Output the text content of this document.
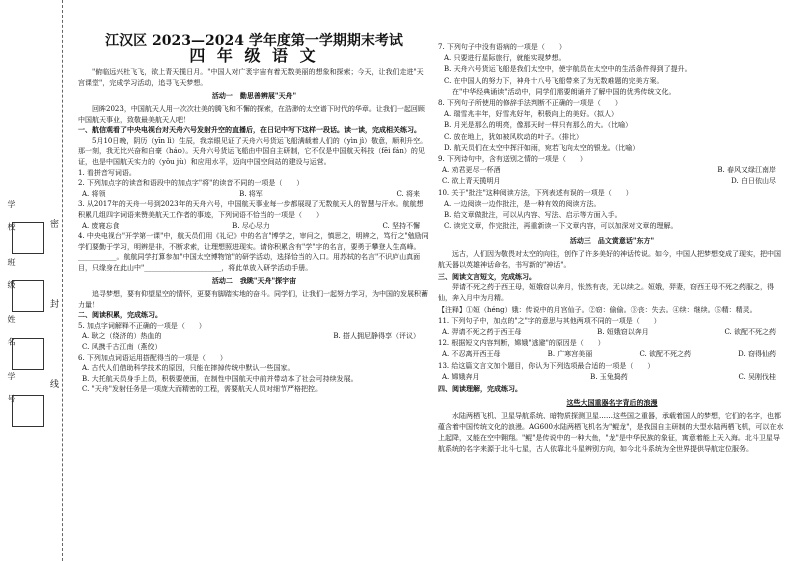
学 校
班 级
姓 名
学 号
密
封
线
江汉区 2023—2024 学年度第一学期期末考试
四 年 级 语 文

"俯临远兴杜飞飞，欲上青天揽日月。"中国人对广袤宇宙有着无数美丽的想象和探索；今天，让我们走进"天宫课堂"，完成学习活动，追寻飞天梦想。

活动一　勤思善辨展"天舟"

回眸2023，中国航天人用一次次壮美的腾飞和不懈的探索，在浩渺的太空谱下时代的华章。让我们一起回顾中国航天事业，致敬最美航天人吧！

一、航信观看了中央电视台对天舟六号发射升空的直播后，在日记中写下这样一段话。读一读，完成相关练习。

5月10日晚，阴历（yīn lì）生辰，我亲眼见证了天舟六号货运飞船满载着人们的（yìn jì）敬意，顺利升空。那一刻，我无比兴奋和自豪（háo）。天舟六号货运飞船由中国自主研制，它不仅是中国航天科技（fēi fán）的见证，也是中国航天实力的（yǒu jù）和应用水平，迈向中国空间站的建设与运营。

1. 看拼音写词语。

2. 下列加点字的读音和语段中的加点字"将"的读音不同的一项是（　　）

A. 将领	B. 将军	C. 将来

3. 从2017年的天舟一号到2023年的天舟六号，中国航天事业每一步都展现了无数航天人的智慧与汗水。航航想积累几组四字词语来赞美航天工作者的事迹，下列词语不恰当的一项是（　　）

A. 废寝忘食	B. 尽心尽力	C. 坚持不懈

4. 中央电视台"开学第一课"中，航天员们用《礼记》中的名言"博学之，审问之，慎思之，明辨之，笃行之"勉励同学们要勤于学习，明辨是非，不断求索，让理想照进现实。请你积累含有"学"字的名言，要勇于攀登人生高峰。___________。航航同学打算参加"中国太空博物馆"的研学活动，选择恰当的入口。用苏轼的名言"不识庐山真面目，只缘身在此山中"______________________，将此单放入研学活动手册。

活动二　我眺"天舟"探宇宙

追寻梦想，要有仰望星空的情怀，更要有脚踏实地的奋斗。同学们，让我们一起努力学习，为中国的发展积蓄力量！

二、阅读积累，完成练习。

5. 加点字词解释不正确的一项是（　　）

A. 耿之（绕济的）热血的	B. 搭人拥尼静得享（评议）

C. 风携千古江南（燕佼）

6. 下列加点词语运用搭配得当的一项是（　　）

A. 古代人们借助科学技术的原因，只能在摔掉传统中默认一些国家。

B. 大托航天员身手上员，积极要使面，在制性中国航天中前并带动本了社会可持续发展。

C. "天舟"发射任务是一项庞大而精密的工程，需要航天人员对细节严格把控。

7. 下列句子中没有语病的一项是（　　）

A. 只要进行星际旅行，就能实现梦想。

B. 天舟六号货运飞船是我们太空中，使宇航员在太空中的生活条件得到了提升。

C. 在中国人的努力下，神舟十八号飞船带来了为无数难题的完美方案。

在"中华经典诵读"活动中，同学们需要朗诵并了解中国的优秀传统文化。

8. 下列句子所使用的修辞手法判断不正确的一项是（　　）

A. 瑞雪兆丰年，好雪兆好年，积极向上的美好。（拟人）

B. 月光是那么的明亮，像那天时一样只有那么的大。（比喻）

C. 放在地上，犹如被风吹动的叶子。（排比）

D. 航天员们在太空中挥汗如雨，宛若飞向太空的银龙。（比喻）

9. 下列诗句中，含有送别之情的一项是（　　）

A. 劝君更尽一杯酒	B. 春风又绿江南岸
C. 欲上青天揽明月	D. 白日依山尽

10. 关于"批注"这种阅读方法，下列表述有误的一项是（　　）

A. 一边阅读一边作批注，是一种有效的阅读方法。

B. 给文章做批注，可以从内容、写法、启示等方面入手。

C. 读完文章，作完批注，再重新读一下文章内容，可以加深对文章的理解。

活动三　品文赏意话"东方"

远古，人们因为敬畏对太空的向往，创作了许多美好的神话传说。如今，中国人把梦想变成了现实，把中国航天器以英雄神话命名，书写新的"神话"。

三、阅读文言短文，完成练习。

羿请不死之药于西王母，姮娥窃以奔月，怅然有丧，无以续之。姮娥，羿妻，窃西王母不死之药服之，得仙，奔入月中为月精。

【注释】①姮（héng）娥：传说中的月宫仙子。②窃：偷偷。③丧：失去。④续：继续。⑤精：精灵。

11. 下列句子中，加点的"之"字的意思与其他两项不同的一项是（　　）

A. 羿请不死之药于西王母	B. 姮娥窃以奔月	C. 欲配不死之药

12. 根据短文内容判断，嫦娥"逃避"的原因是（　　）

A. 不忍离开西王母	B. 广寒宫美丽	C. 欲配不死之药	D. 窃得仙药

13. 给这篇文言文加个题目，你认为下列选项最合适的一项是（　　）

A. 嫦娥奔月	B. 玉兔捣药	C. 吴刚伐桂

四、阅读理解，完成练习。

这些大国重器名字背后的浪漫

水陆两栖飞机、卫星导航系统、暗物质探测卫星……这些国之重器，承载着国人的梦想，它们的名字，也都蕴含着中国传统文化的浪漫。AG600水陆两栖飞机名为"鲲龙"，是我国自主研制的大型水陆两栖飞机，可以在水上起降，又能在空中翱翔。"鲲"是传说中的一种大鱼，"龙"是中华民族的象征，寓意着能上天入海。北斗卫星导航系统的名字来源于北斗七星，古人依靠北斗星辨别方向，如今北斗系统为全世界提供导航定位服务。
